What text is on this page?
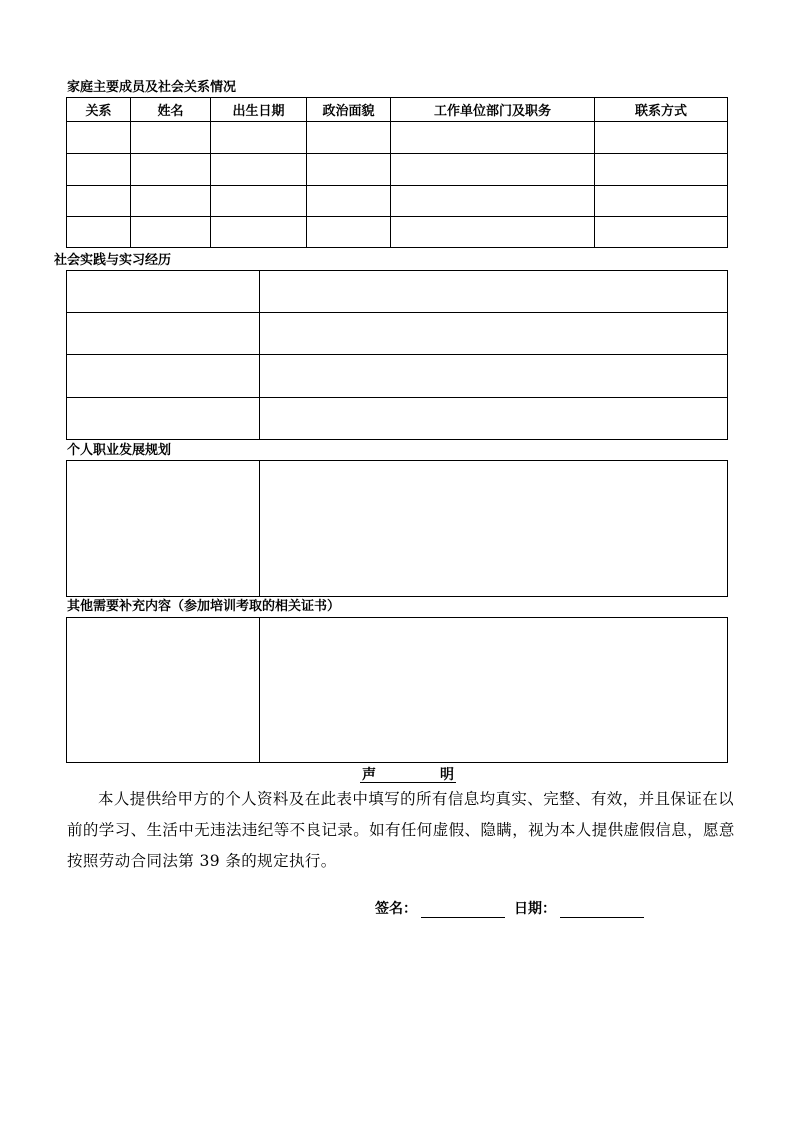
家庭主要成员及社会关系情况
关系	姓名	出生日期	政治面貌	工作单位部门及职务	联系方式

社会实践与实习经历

个人职业发展规划

其他需要补充内容（参加培训考取的相关证书）

声	明

本人提供给甲方的个人资料及在此表中填写的所有信息均真实、完整、有效，并且保证在以前的学习、生活中无违法违纪等不良记录。如有任何虚假、隐瞒，视为本人提供虚假信息，愿意按照劳动合同法第 39 条的规定执行。

签名：	日期：
